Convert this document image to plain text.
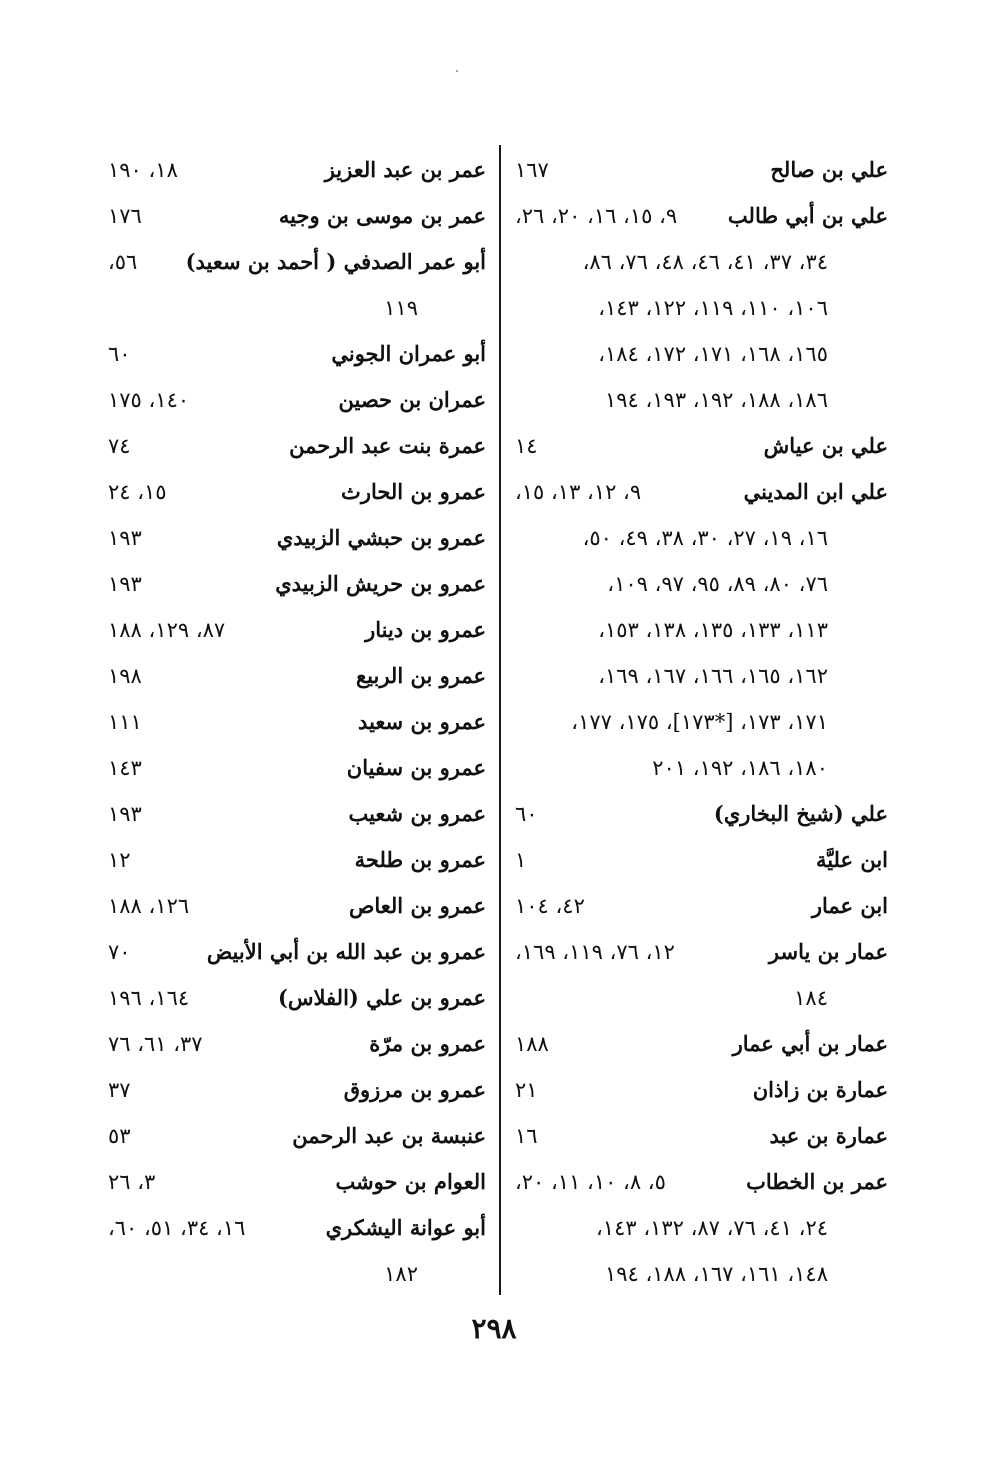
علي بن صالح
١٦٧
علي بن أبي طالب
٩، ١٥، ١٦، ٢٠، ٢٦،
٣٤، ٣٧، ٤١، ٤٦، ٤٨، ٧٦، ٨٦،
١٠٦، ١١٠، ١١٩، ١٢٢، ١٤٣،
١٦٥، ١٦٨، ١٧١، ١٧٢، ١٨٤،
١٨٦، ١٨٨، ١٩٢، ١٩٣، ١٩٤
علي بن عياش
١٤
علي ابن المديني
٩، ١٢، ١٣، ١٥،
١٦، ١٩، ٢٧، ٣٠، ٣٨، ٤٩، ٥٠،
٧٦، ٨٠، ٨٩، ٩٥، ٩٧، ١٠٩،
١١٣، ١٣٣، ١٣٥، ١٣٨، ١٥٣،
١٦٢، ١٦٥، ١٦٦، ١٦٧، ١٦٩،
١٧١، ١٧٣، [*١٧٣]، ١٧٥، ١٧٧،
١٨٠، ١٨٦، ١٩٢، ٢٠١
علي (شيخ البخاري)
٦٠
ابن عليَّة
١
ابن عمار
٤٢، ١٠٤
عمار بن ياسر
١٢، ٧٦، ١١٩، ١٦٩،
١٨٤
عمار بن أبي عمار
١٨٨
عمارة بن زاذان
٢١
عمارة بن عبد
١٦
عمر بن الخطاب
٥، ٨، ١٠، ١١، ٢٠،
٢٤، ٤١، ٧٦، ٨٧، ١٣٢، ١٤٣،
١٤٨، ١٦١، ١٦٧، ١٨٨، ١٩٤
عمر بن عبد العزيز
١٨، ١٩٠
عمر بن موسى بن وجيه
١٧٦
أبو عمر الصدفي ( أحمد بن سعيد)
٥٦،
١١٩
أبو عمران الجوني
٦٠
عمران بن حصين
١٤٠، ١٧٥
عمرة بنت عبد الرحمن
٧٤
عمرو بن الحارث
١٥، ٢٤
عمرو بن حبشي الزبيدي
١٩٣
عمرو بن حريش الزبيدي
١٩٣
عمرو بن دينار
٨٧، ١٢٩، ١٨٨
عمرو بن الربيع
١٩٨
عمرو بن سعيد
١١١
عمرو بن سفيان
١٤٣
عمرو بن شعيب
١٩٣
عمرو بن طلحة
١٢
عمرو بن العاص
١٢٦، ١٨٨
عمرو بن عبد الله بن أبي الأبيض
٧٠
عمرو بن علي (الفلاس)
١٦٤، ١٩٦
عمرو بن مرّة
٣٧، ٦١، ٧٦
عمرو بن مرزوق
٣٧
عنبسة بن عبد الرحمن
٥٣
العوام بن حوشب
٣، ٢٦
أبو عوانة اليشكري
١٦، ٣٤، ٥١، ٦٠،
١٨٢
٢٩٨
